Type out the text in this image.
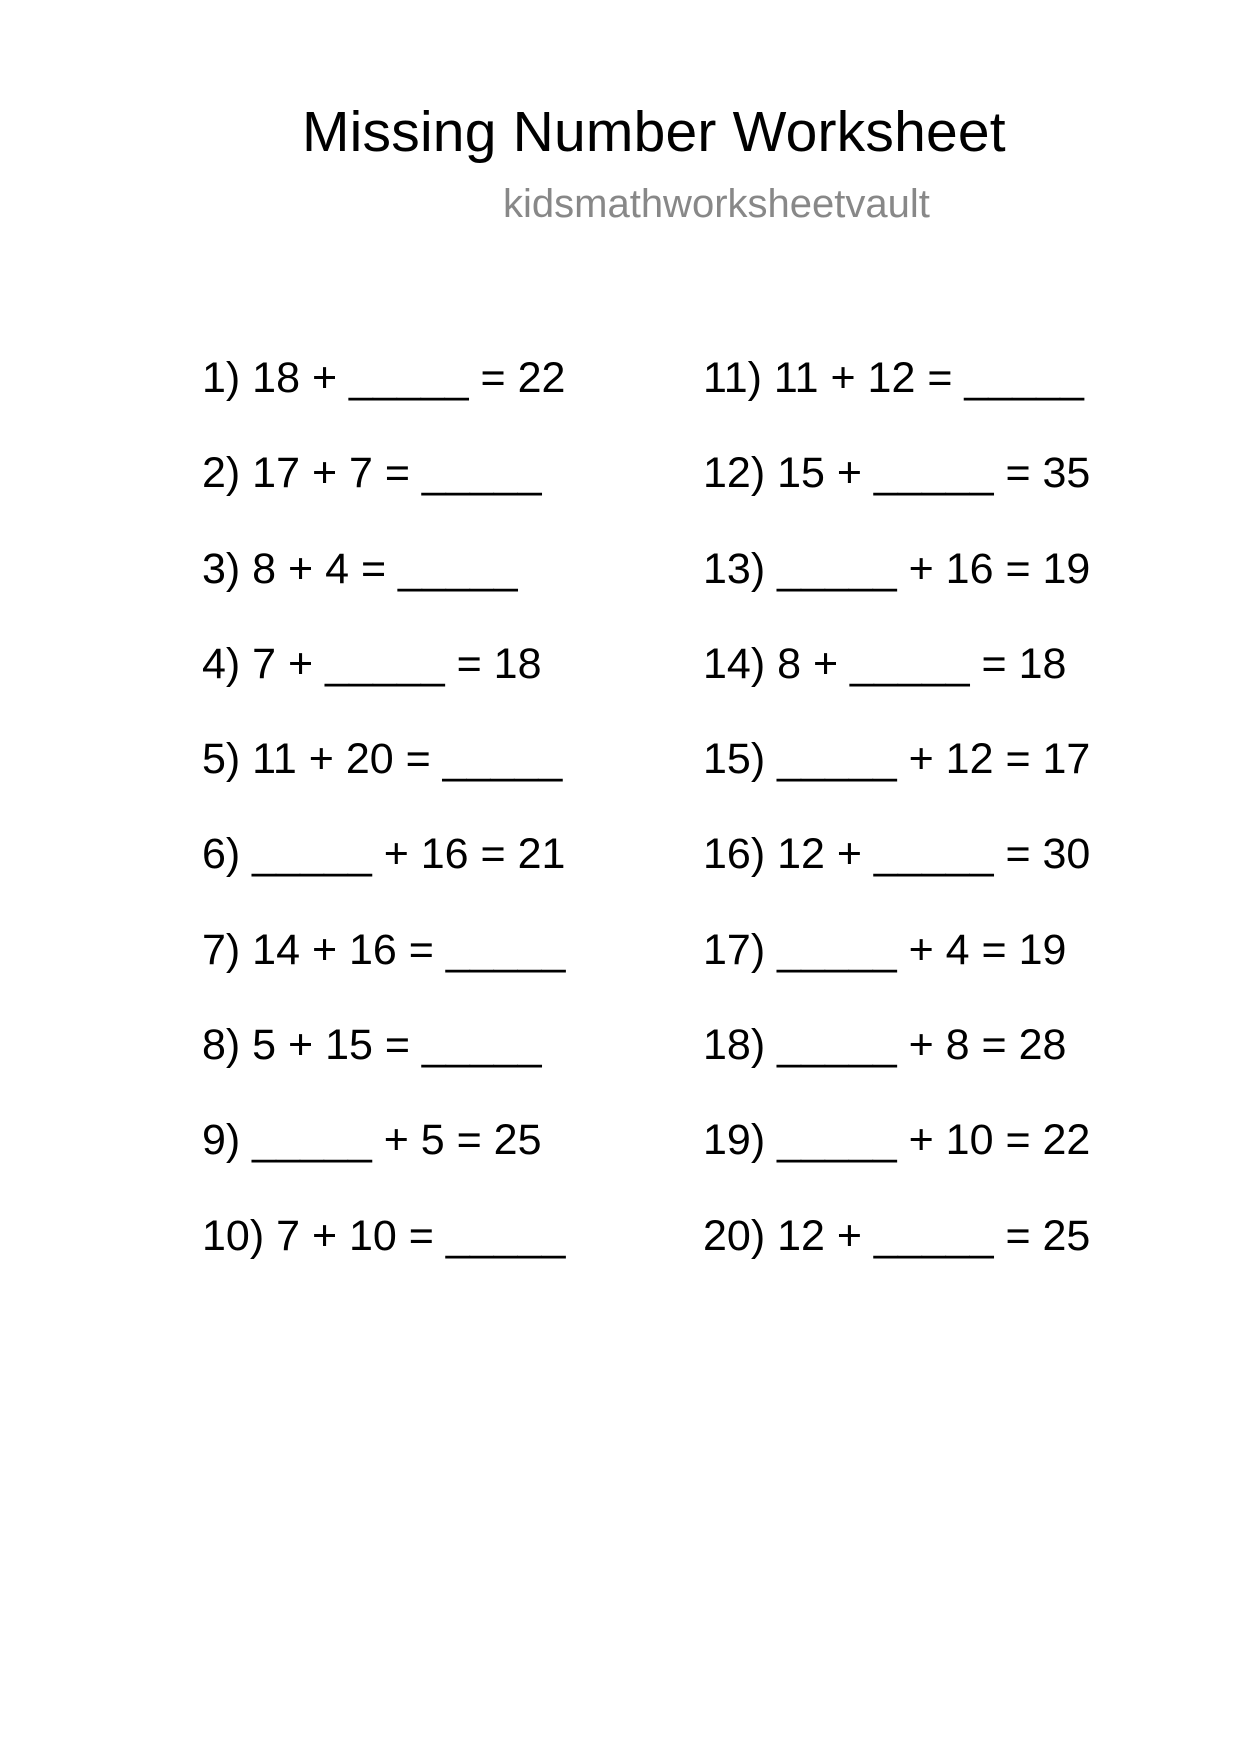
Missing Number Worksheet
kidsmathworksheetvault
1) 18 + _____ = 22
2) 17 + 7 = _____
3) 8 + 4 = _____
4) 7 + _____ = 18
5) 11 + 20 = _____
6) _____ + 16 = 21
7) 14 + 16 = _____
8) 5 + 15 = _____
9) _____ + 5 = 25
10) 7 + 10 = _____
11) 11 + 12 = _____
12) 15 + _____ = 35
13) _____ + 16 = 19
14) 8 + _____ = 18
15) _____ + 12 = 17
16) 12 + _____ = 30
17) _____ + 4 = 19
18) _____ + 8 = 28
19) _____ + 10 = 22
20) 12 + _____ = 25
